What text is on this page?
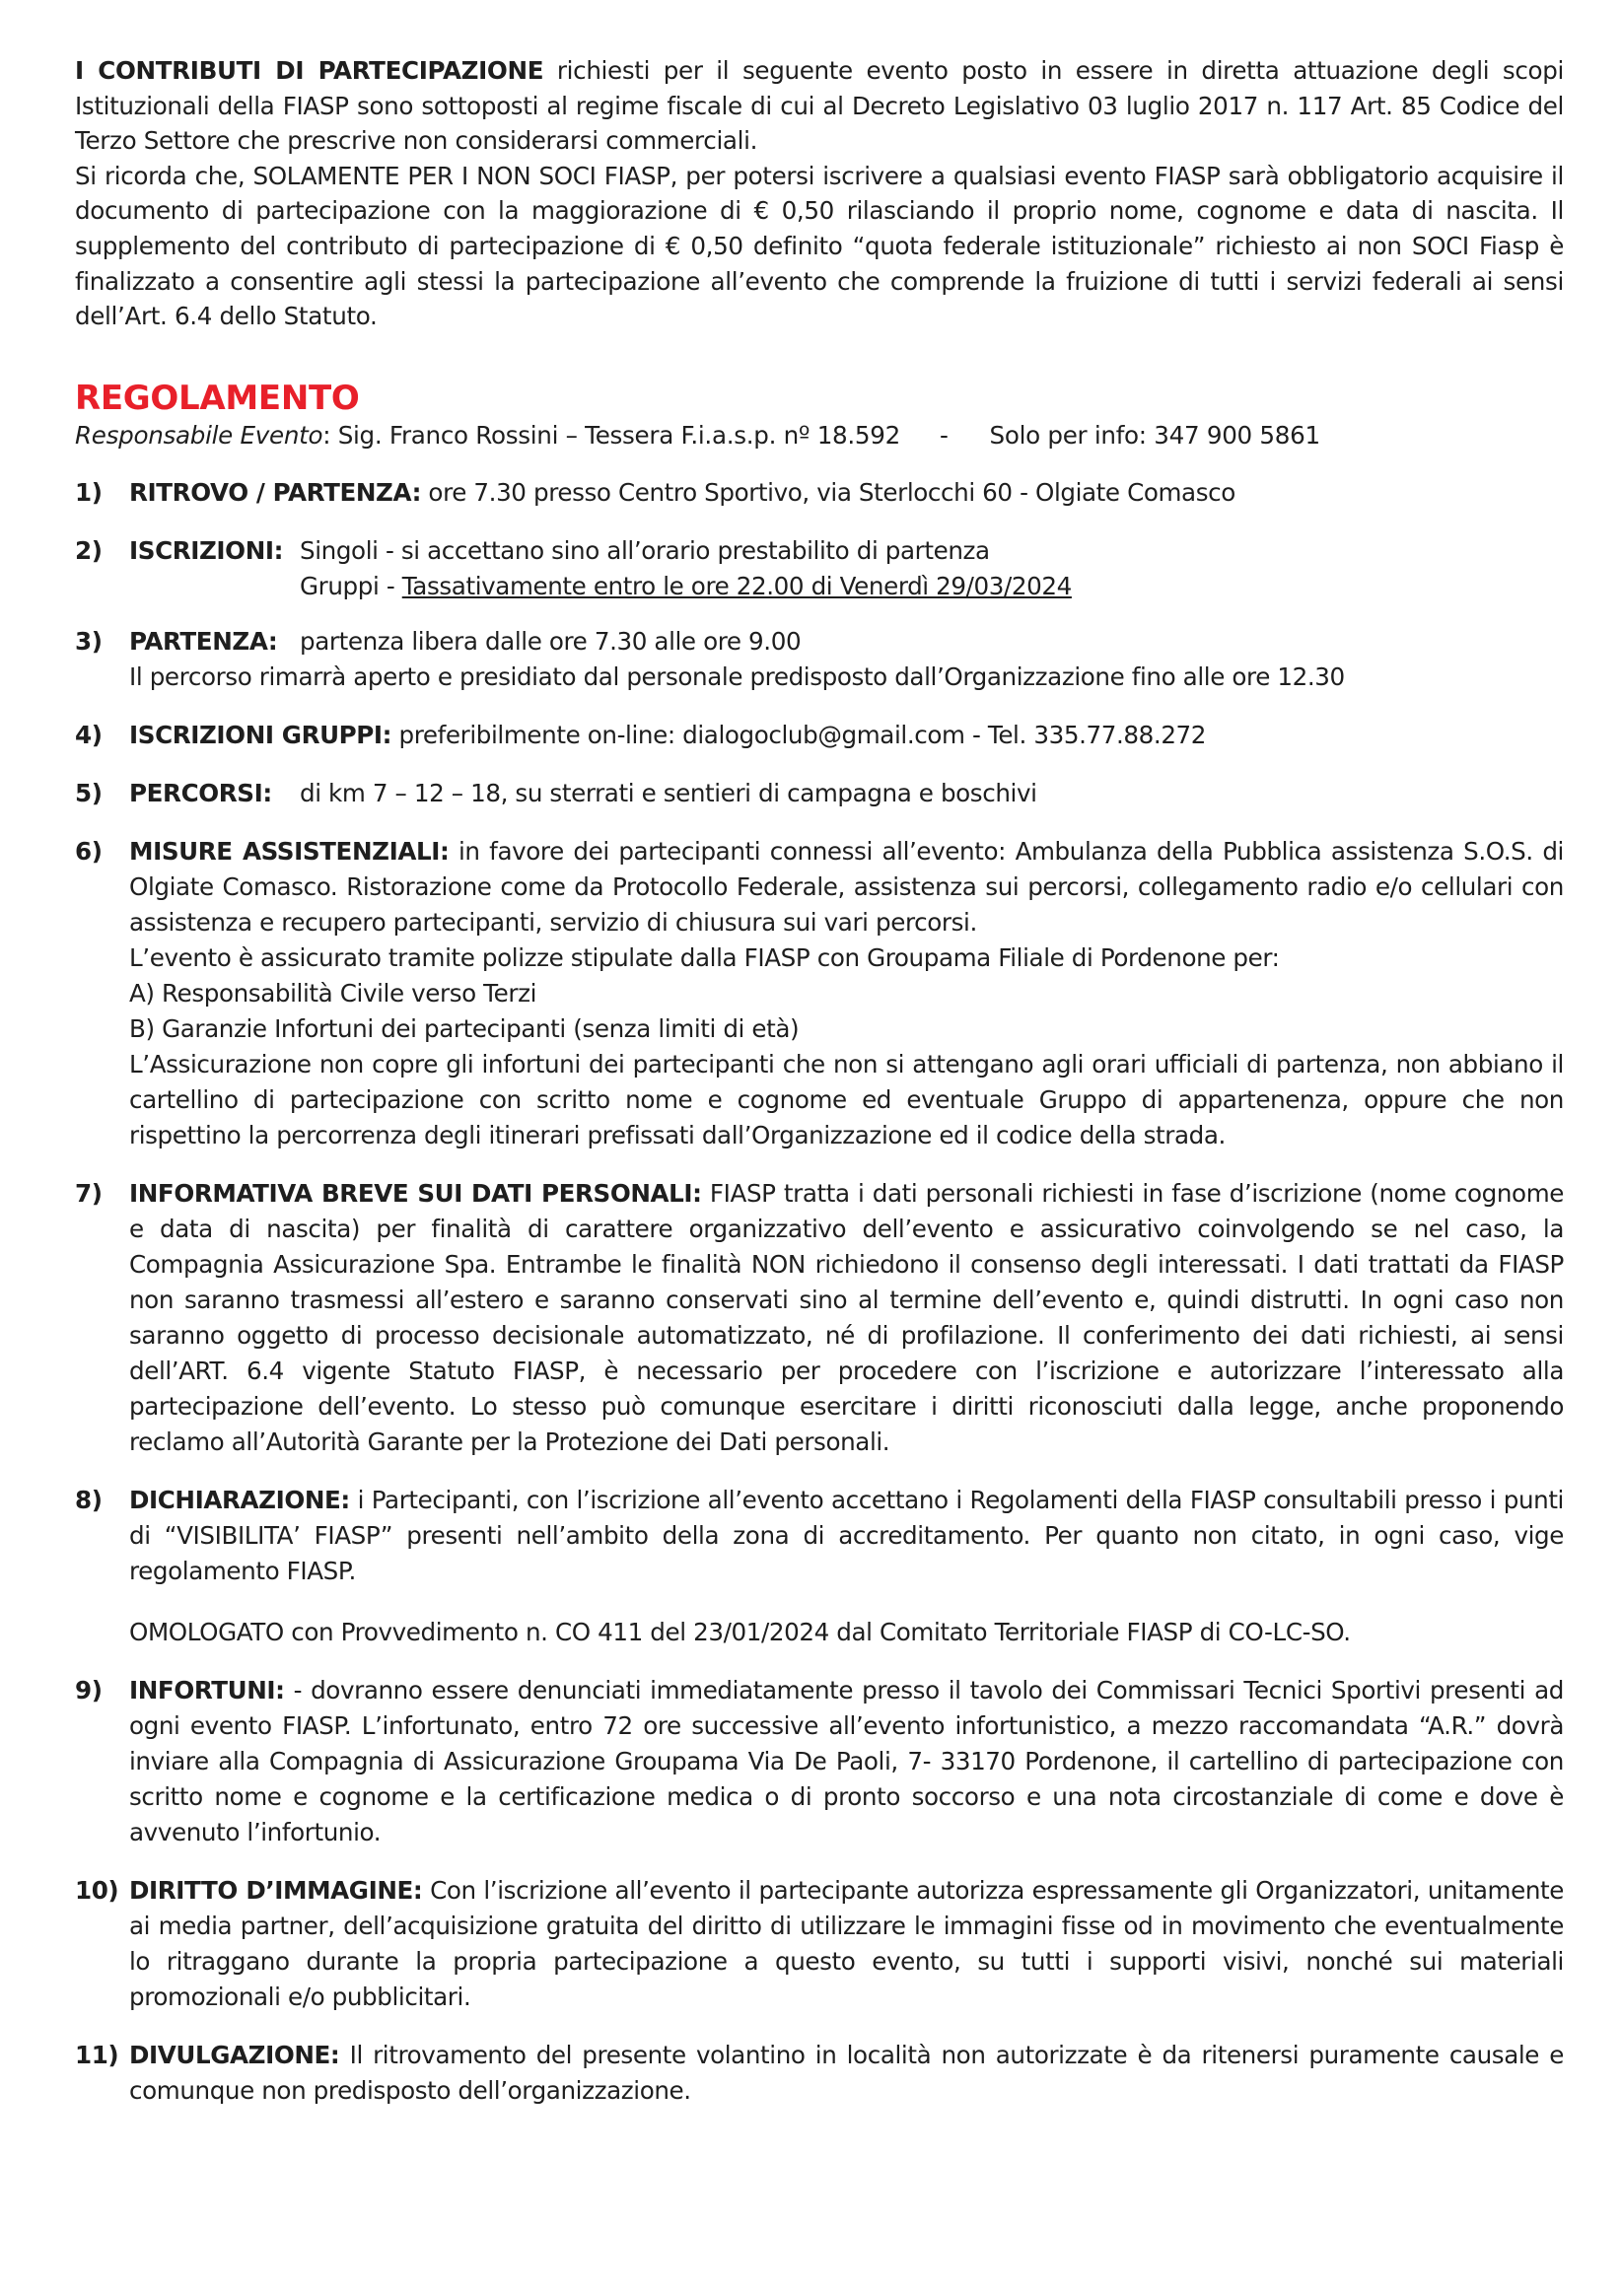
I CONTRIBUTI DI PARTECIPAZIONE richiesti per il seguente evento posto in essere in diretta attuazione degli scopi Istituzionali della FIASP sono sottoposti al regime fiscale di cui al Decreto Legislativo 03 luglio 2017 n. 117 Art. 85 Codice del Terzo Settore che prescrive non considerarsi commerciali.

Si ricorda che, SOLAMENTE PER I NON SOCI FIASP, per potersi iscrivere a qualsiasi evento FIASP sarà obbligatorio acquisire il documento di partecipazione con la maggiorazione di € 0,50 rilasciando il proprio nome, cognome e data di nascita. Il supplemento del contributo di partecipazione di € 0,50 definito “quota federale istituzionale” richiesto ai non SOCI Fiasp è finalizzato a consentire agli stessi la partecipazione all’evento che comprende la fruizione di tutti i servizi federali ai sensi dell’Art. 6.4 dello Statuto.

REGOLAMENTO

Responsabile Evento: Sig. Franco Rossini – Tessera F.i.a.s.p. nº 18.592 - Solo per info: 347 900 5861

1) RITROVO / PARTENZA: ore 7.30 presso Centro Sportivo, via Sterlocchi 60 - Olgiate Comasco

2) ISCRIZIONI: Singoli - si accettano sino all’orario prestabilito di partenza

Gruppi - Tassativamente entro le ore 22.00 di Venerdì 29/03/2024

3) PARTENZA: partenza libera dalle ore 7.30 alle ore 9.00

Il percorso rimarrà aperto e presidiato dal personale predisposto dall’Organizzazione fino alle ore 12.30

4) ISCRIZIONI GRUPPI: preferibilmente on-line: dialogoclub@gmail.com - Tel. 335.77.88.272

5) PERCORSI: di km 7 – 12 – 18, su sterrati e sentieri di campagna e boschivi

6) MISURE ASSISTENZIALI: in favore dei partecipanti connessi all’evento: Ambulanza della Pubblica assistenza S.O.S. di Olgiate Comasco. Ristorazione come da Protocollo Federale, assistenza sui percorsi, collegamento radio e/o cellulari con assistenza e recupero partecipanti, servizio di chiusura sui vari percorsi.

L’evento è assicurato tramite polizze stipulate dalla FIASP con Groupama Filiale di Pordenone per:

A) Responsabilità Civile verso Terzi

B) Garanzie Infortuni dei partecipanti (senza limiti di età)

L’Assicurazione non copre gli infortuni dei partecipanti che non si attengano agli orari ufficiali di partenza, non abbiano il cartellino di partecipazione con scritto nome e cognome ed eventuale Gruppo di appartenenza, oppure che non rispettino la percorrenza degli itinerari prefissati dall’Organizzazione ed il codice della strada.

7) INFORMATIVA BREVE SUI DATI PERSONALI: FIASP tratta i dati personali richiesti in fase d’iscrizione (nome cognome e data di nascita) per finalità di carattere organizzativo dell’evento e assicurativo coinvolgendo se nel caso, la Compagnia Assicurazione Spa. Entrambe le finalità NON richiedono il consenso degli interessati. I dati trattati da FIASP non saranno trasmessi all’estero e saranno conservati sino al termine dell’evento e, quindi distrutti. In ogni caso non saranno oggetto di processo decisionale automatizzato, né di profilazione. Il conferimento dei dati richiesti, ai sensi dell’ART. 6.4 vigente Statuto FIASP, è necessario per procedere con l’iscrizione e autorizzare l’interessato alla partecipazione dell’evento. Lo stesso può comunque esercitare i diritti riconosciuti dalla legge, anche proponendo reclamo all’Autorità Garante per la Protezione dei Dati personali.

8) DICHIARAZIONE: i Partecipanti, con l’iscrizione all’evento accettano i Regolamenti della FIASP consultabili presso i punti di “VISIBILITA’ FIASP” presenti nell’ambito della zona di accreditamento. Per quanto non citato, in ogni caso, vige regolamento FIASP.

OMOLOGATO con Provvedimento n. CO 411 del 23/01/2024 dal Comitato Territoriale FIASP di CO-LC-SO.

9) INFORTUNI: - dovranno essere denunciati immediatamente presso il tavolo dei Commissari Tecnici Sportivi presenti ad ogni evento FIASP. L’infortunato, entro 72 ore successive all’evento infortunistico, a mezzo raccomandata “A.R.” dovrà inviare alla Compagnia di Assicurazione Groupama Via De Paoli, 7- 33170 Pordenone, il cartellino di partecipazione con scritto nome e cognome e la certificazione medica o di pronto soccorso e una nota circostanziale di come e dove è avvenuto l’infortunio.

10) DIRITTO D’IMMAGINE: Con l’iscrizione all’evento il partecipante autorizza espressamente gli Organizzatori, unitamente ai media partner, dell’acquisizione gratuita del diritto di utilizzare le immagini fisse od in movimento che eventualmente lo ritraggano durante la propria partecipazione a questo evento, su tutti i supporti visivi, nonché sui materiali promozionali e/o pubblicitari.

11) DIVULGAZIONE: Il ritrovamento del presente volantino in località non autorizzate è da ritenersi puramente causale e comunque non predisposto dell’organizzazione.
